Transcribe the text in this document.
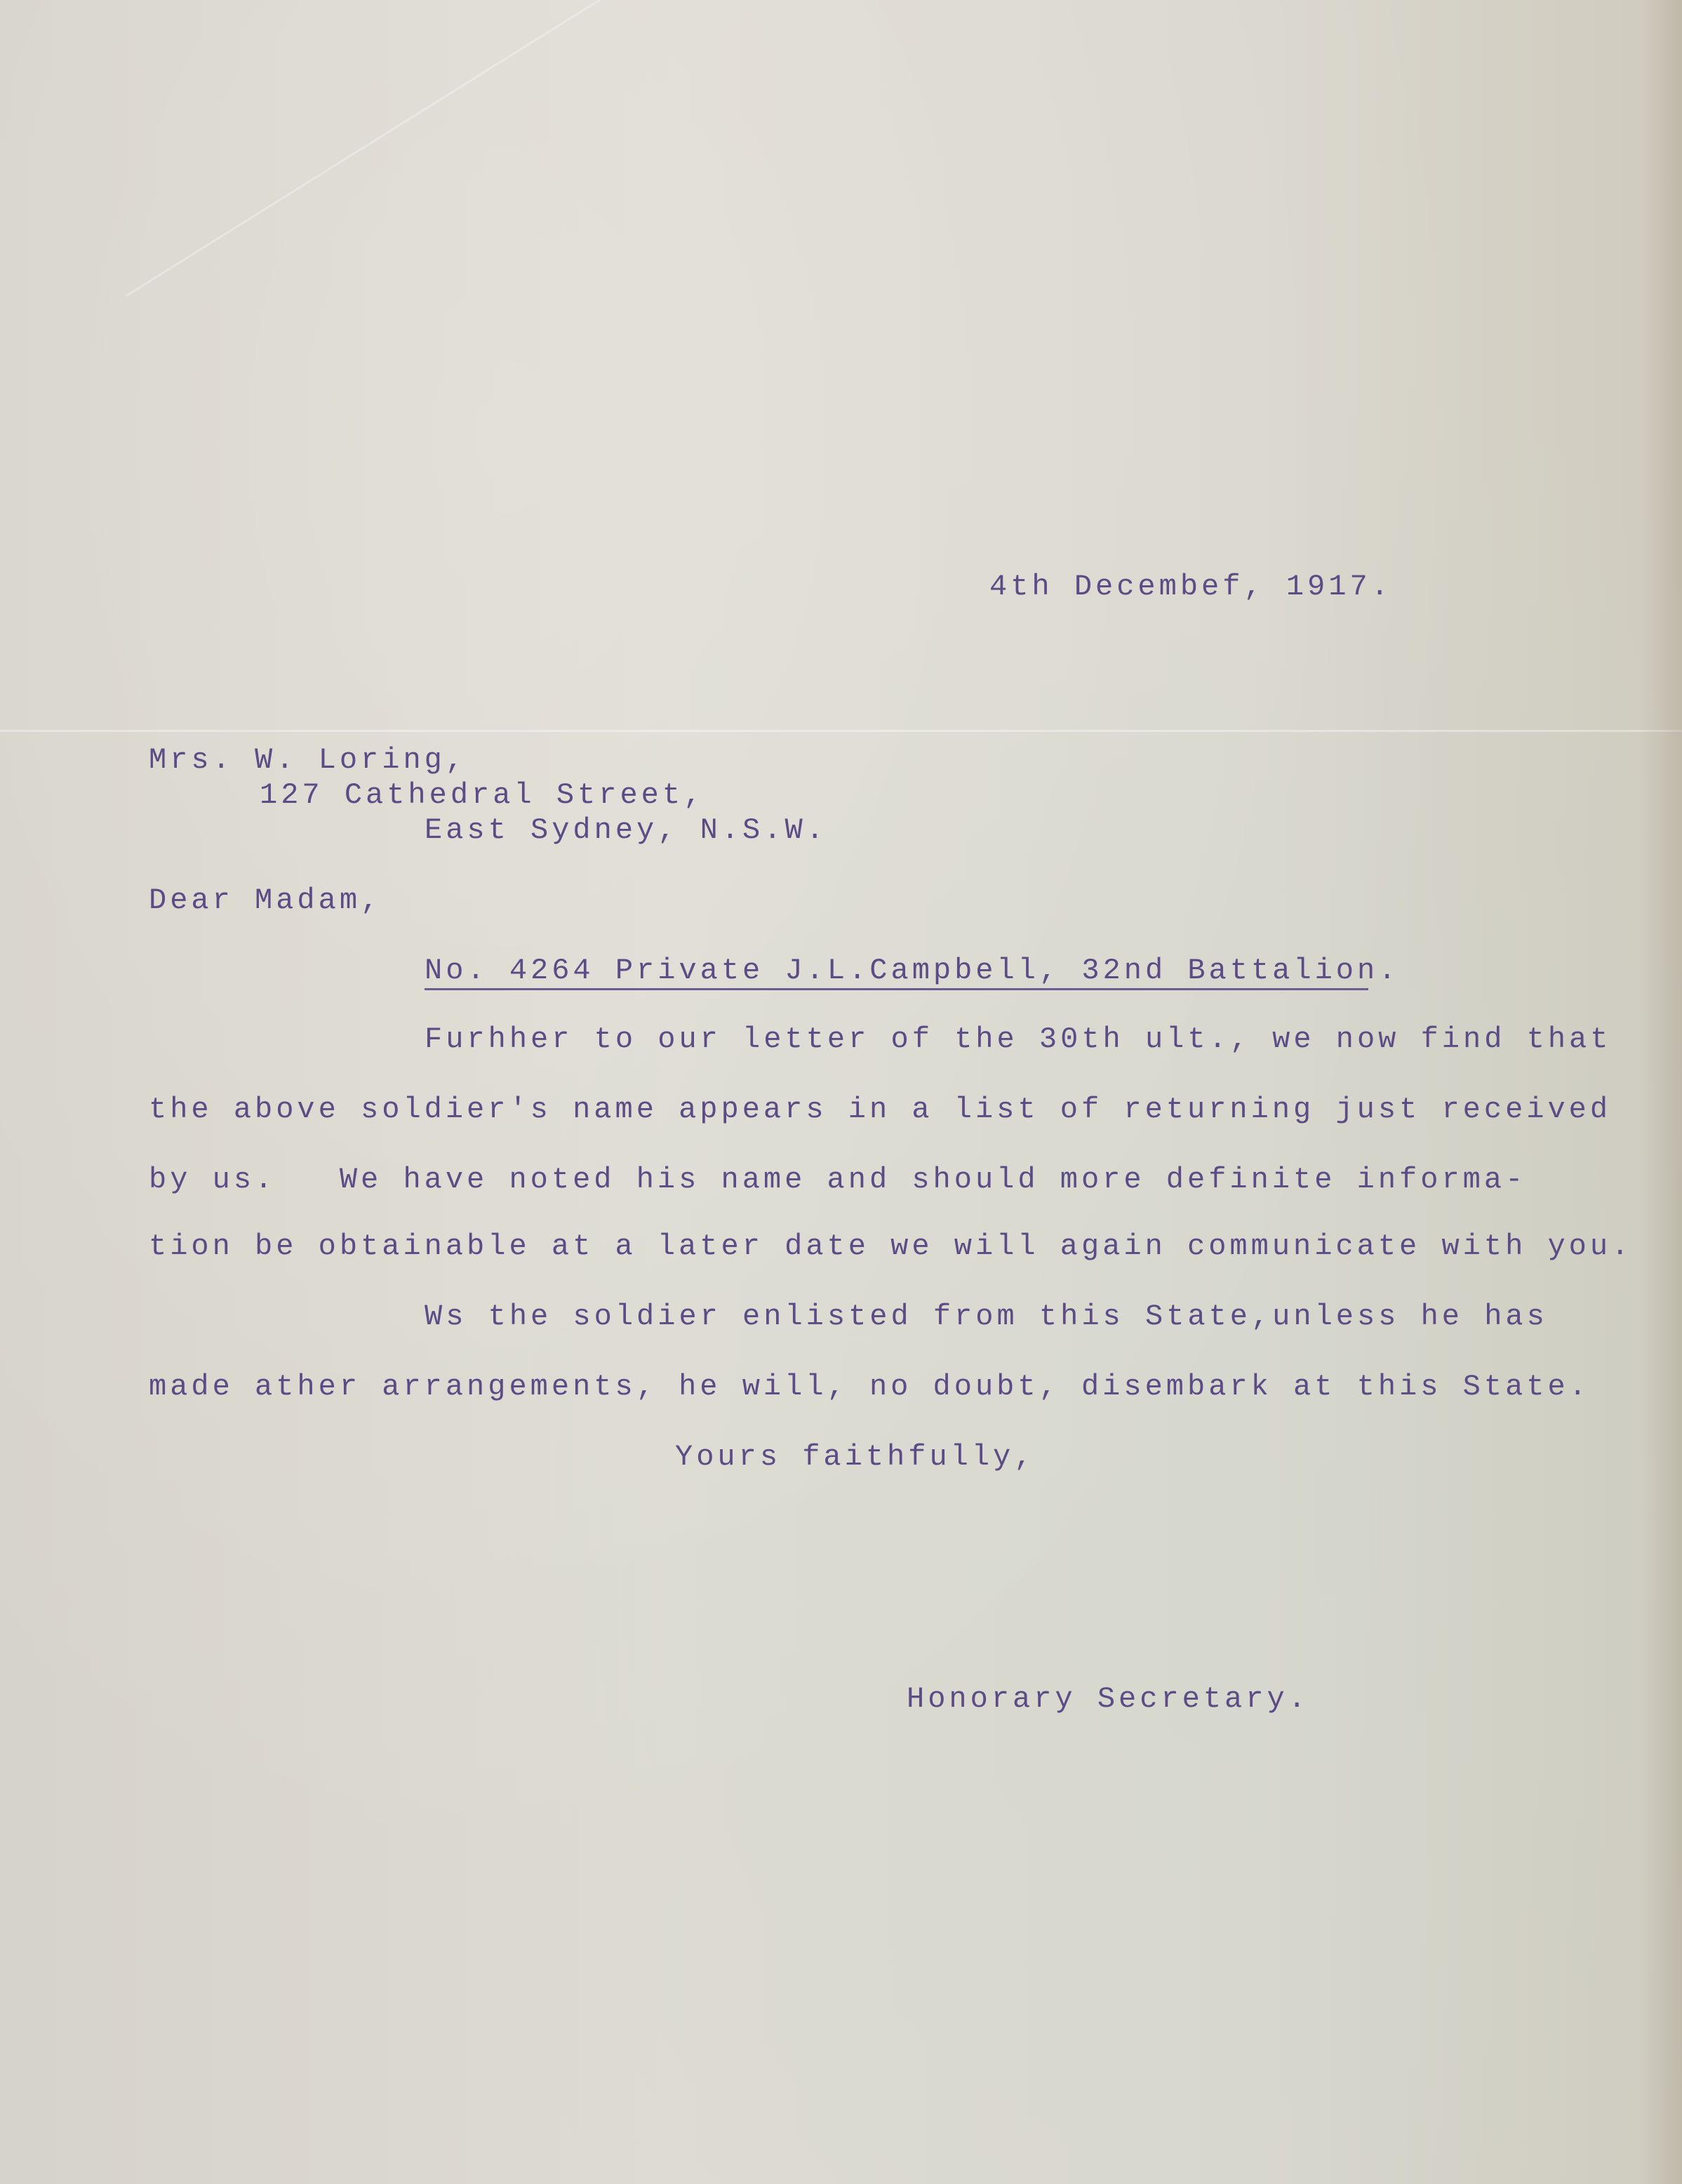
4th Decembef, 1917.
Mrs. W. Loring,
127 Cathedral Street,
East Sydney, N.S.W.
Dear Madam,
No. 4264 Private J.L.Campbell, 32nd Battalion.
Furhher to our letter of the 30th ult., we now find that
the above soldier's name appears in a list of returning just received
by us.   We have noted his name and should more definite informa-
tion be obtainable at a later date we will again communicate with you.
Ws the soldier enlisted from this State,unless he has
made ather arrangements, he will, no doubt, disembark at this State.
Yours faithfully,
Honorary Secretary.
